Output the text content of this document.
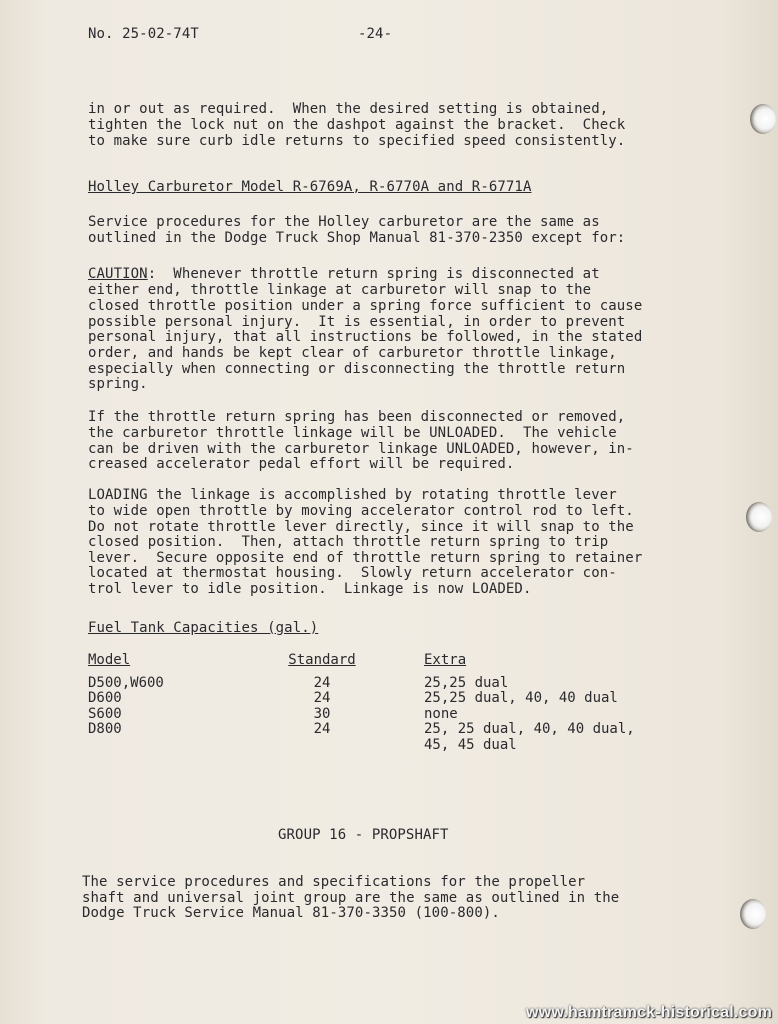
No. 25-02-74T	-24-
in or out as required.  When the desired setting is obtained,
tighten the lock nut on the dashpot against the bracket.  Check
to make sure curb idle returns to specified speed consistently.
Holley Carburetor Model R-6769A, R-6770A and R-6771A
Service procedures for the Holley carburetor are the same as
outlined in the Dodge Truck Shop Manual 81-370-2350 except for:
CAUTION:  Whenever throttle return spring is disconnected at
either end, throttle linkage at carburetor will snap to the
closed throttle position under a spring force sufficient to cause
possible personal injury.  It is essential, in order to prevent
personal injury, that all instructions be followed, in the stated
order, and hands be kept clear of carburetor throttle linkage,
especially when connecting or disconnecting the throttle return
spring.
If the throttle return spring has been disconnected or removed,
the carburetor throttle linkage will be UNLOADED.  The vehicle
can be driven with the carburetor linkage UNLOADED, however, in-
creased accelerator pedal effort will be required.
LOADING the linkage is accomplished by rotating throttle lever
to wide open throttle by moving accelerator control rod to left.
Do not rotate throttle lever directly, since it will snap to the
closed position.  Then, attach throttle return spring to trip
lever.  Secure opposite end of throttle return spring to retainer
located at thermostat housing.  Slowly return accelerator con-
trol lever to idle position.  Linkage is now LOADED.
Fuel Tank Capacities (gal.)
Model	Standard	Extra
D500,W600	24	25,25 dual
D600	24	25,25 dual, 40, 40 dual
S600	30	none
D800	24	25, 25 dual, 40, 40 dual,
45, 45 dual
GROUP 16 - PROPSHAFT
The service procedures and specifications for the propeller
shaft and universal joint group are the same as outlined in the
Dodge Truck Service Manual 81-370-3350 (100-800).
www.hamtramck-historical.com
